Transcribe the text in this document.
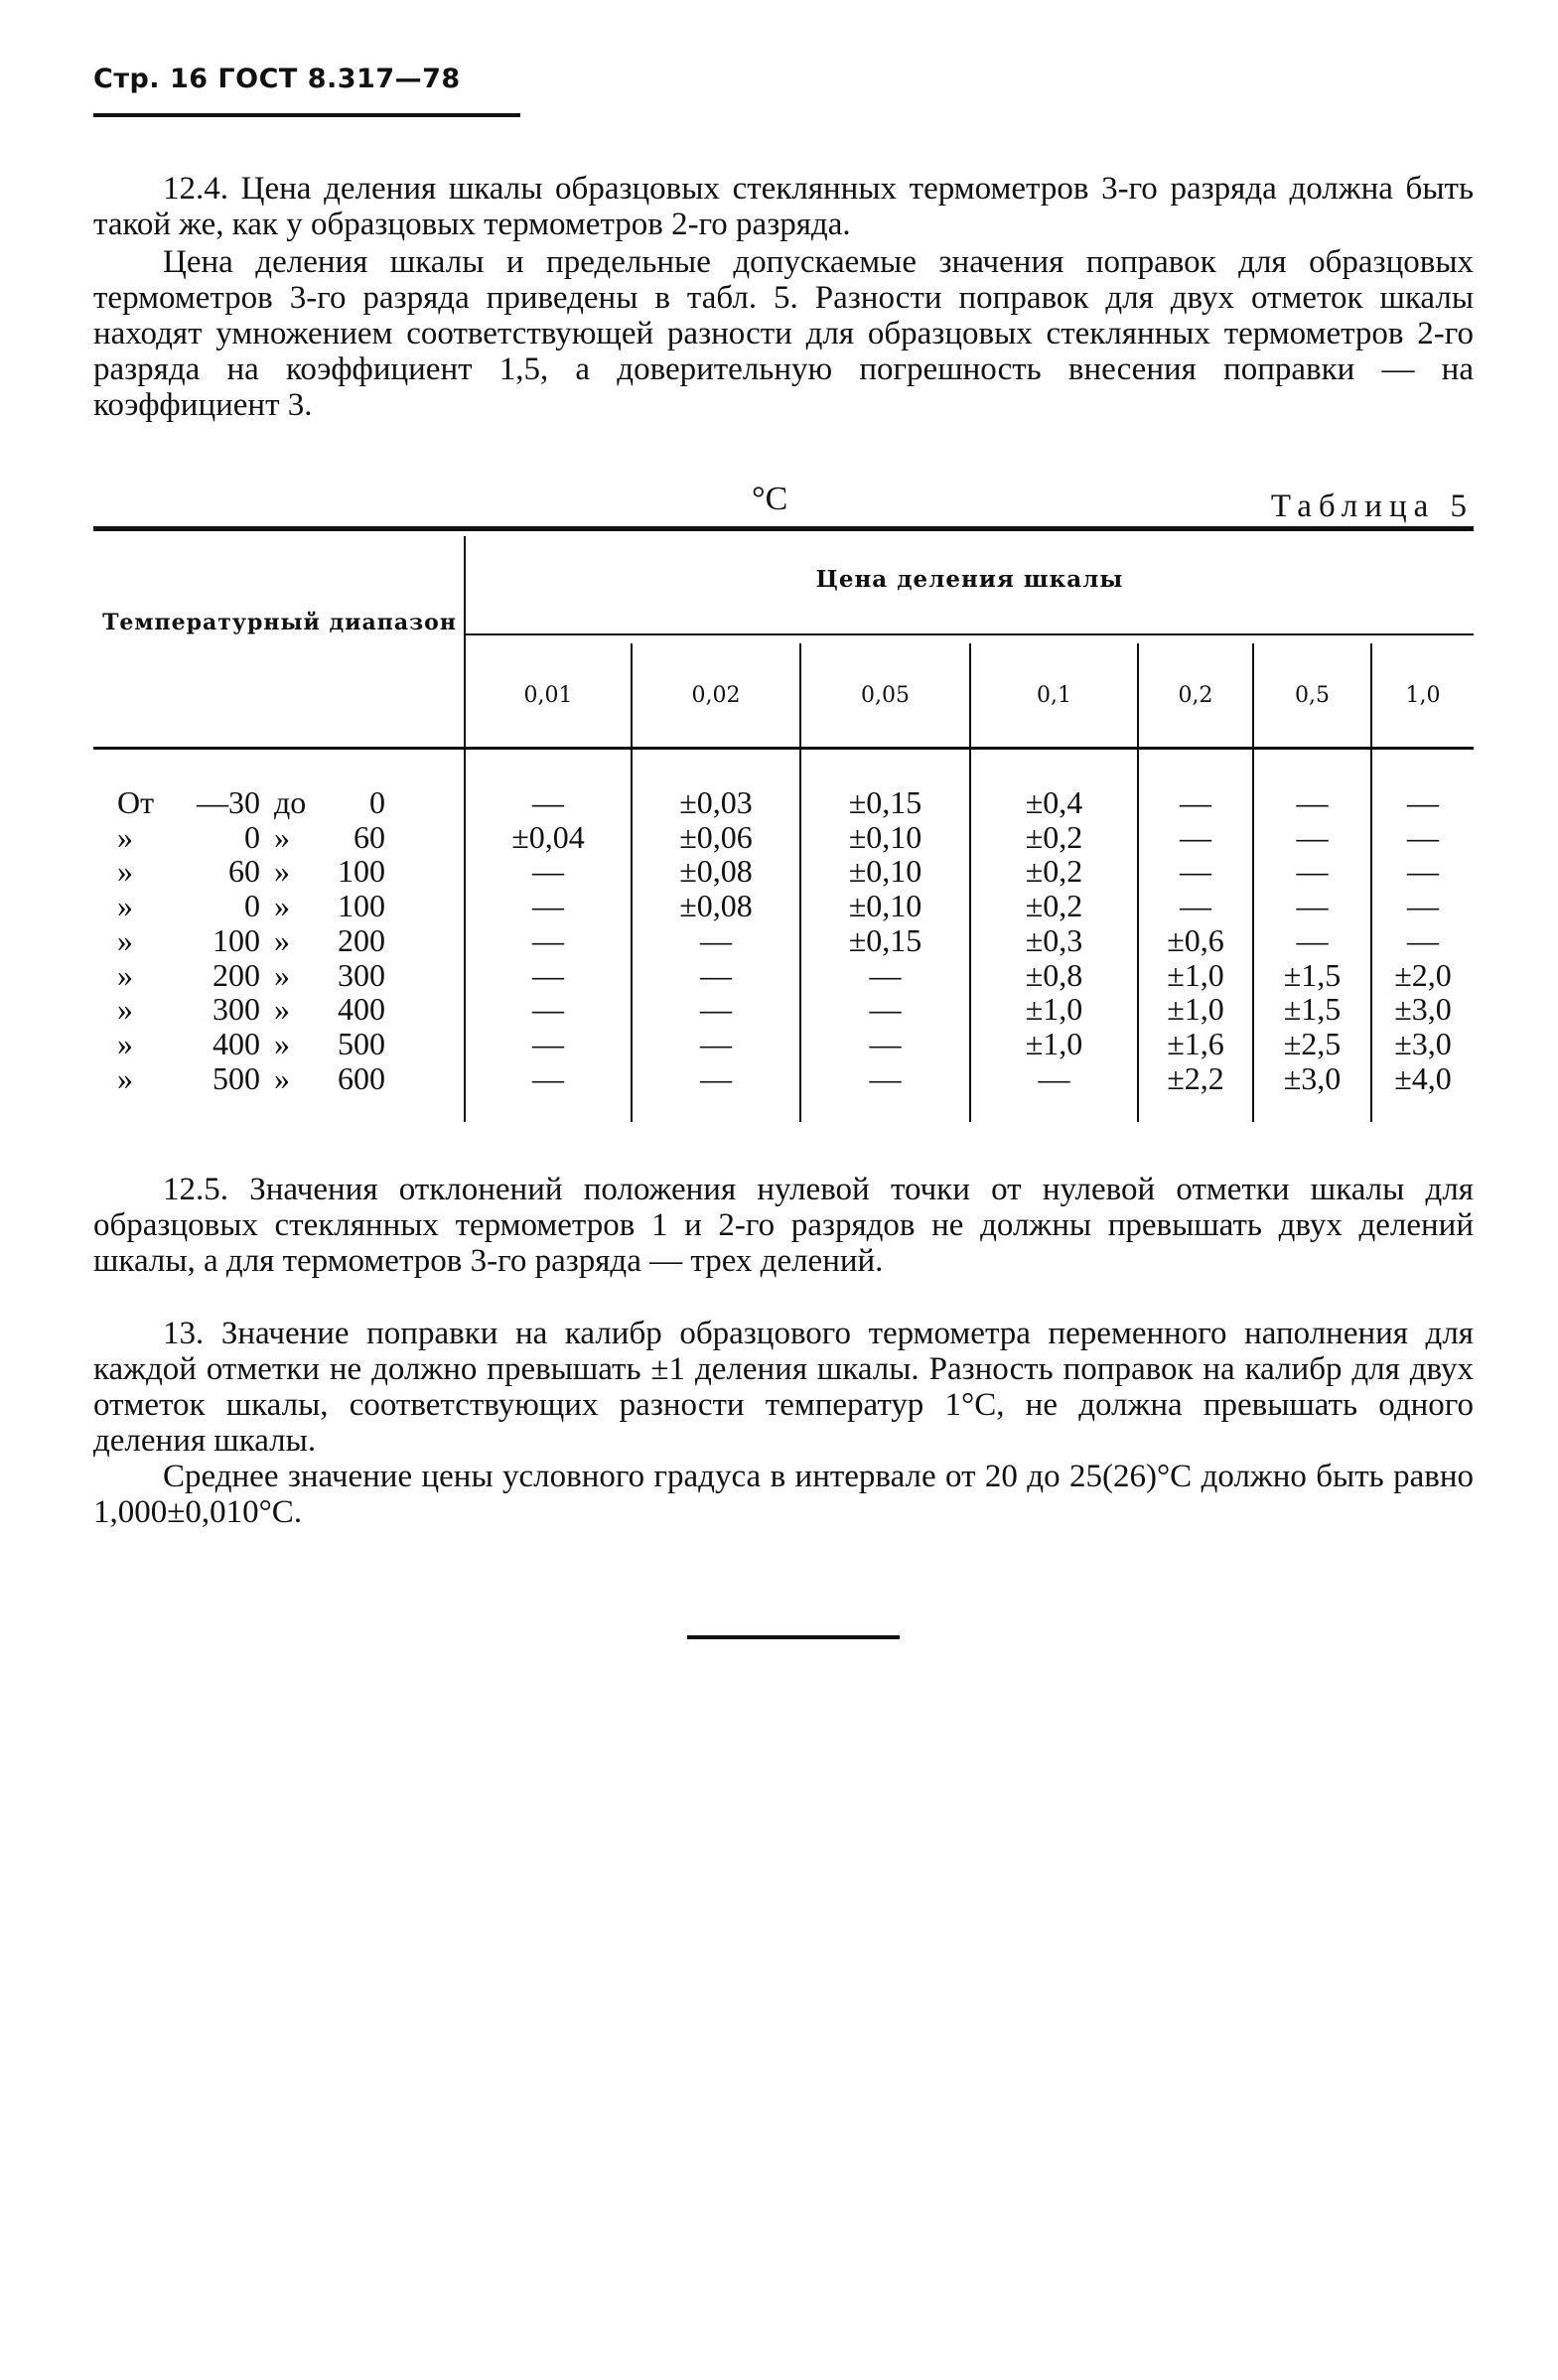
Стр. 16 ГОСТ 8.317—78

12.4. Цена деления шкалы образцовых стеклянных термометров 3-го разряда должна быть такой же, как у образцовых термометров 2-го разряда.

Цена деления шкалы и предельные допускаемые значения поправок для образцовых термометров 3-го разряда приведены в табл. 5. Разности поправок для двух отметок шкалы находят умножением соответствующей разности для образцовых стеклянных термометров 2-го разряда на коэффициент 1,5, а доверительную погрешность внесения поправки — на коэффициент 3.

°С	Таблица 5
Температурный диапазон
Цена деления шкалы
0,01	0,02	0,05	0,1	0,2	0,5	1,0
От	—30 до	0	—	±0,03	±0,15	±0,4	—	—	—
»	0 »	60	±0,04	±0,06	±0,10	±0,2	—	—	—
»	60 »	100	—	±0,08	±0,10	±0,2	—	—	—
»	0 »	100	—	±0,08	±0,10	±0,2	—	—	—
»	100 »	200	—	—	±0,15	±0,3	±0,6	—	—
»	200 »	300	—	—	—	±0,8	±1,0	±1,5	±2,0
»	300 »	400	—	—	—	±1,0	±1,0	±1,5	±3,0
»	400 »	500	—	—	—	±1,0	±1,6	±2,5	±3,0
»	500 »	600	—	—	—	—	±2,2	±3,0	±4,0

12.5. Значения отклонений положения нулевой точки от нулевой отметки шкалы для образцовых стеклянных термометров 1 и 2-го разрядов не должны превышать двух делений шкалы, а для термометров 3-го разряда — трех делений.

13. Значение поправки на калибр образцового термометра переменного наполнения для каждой отметки не должно превышать ±1 деления шкалы. Разность поправок на калибр для двух отметок шкалы, соответствующих разности температур 1°С, не должна превышать одного деления шкалы.

Среднее значение цены условного градуса в интервале от 20 до 25(26)°С должно быть равно 1,000±0,010°С.
